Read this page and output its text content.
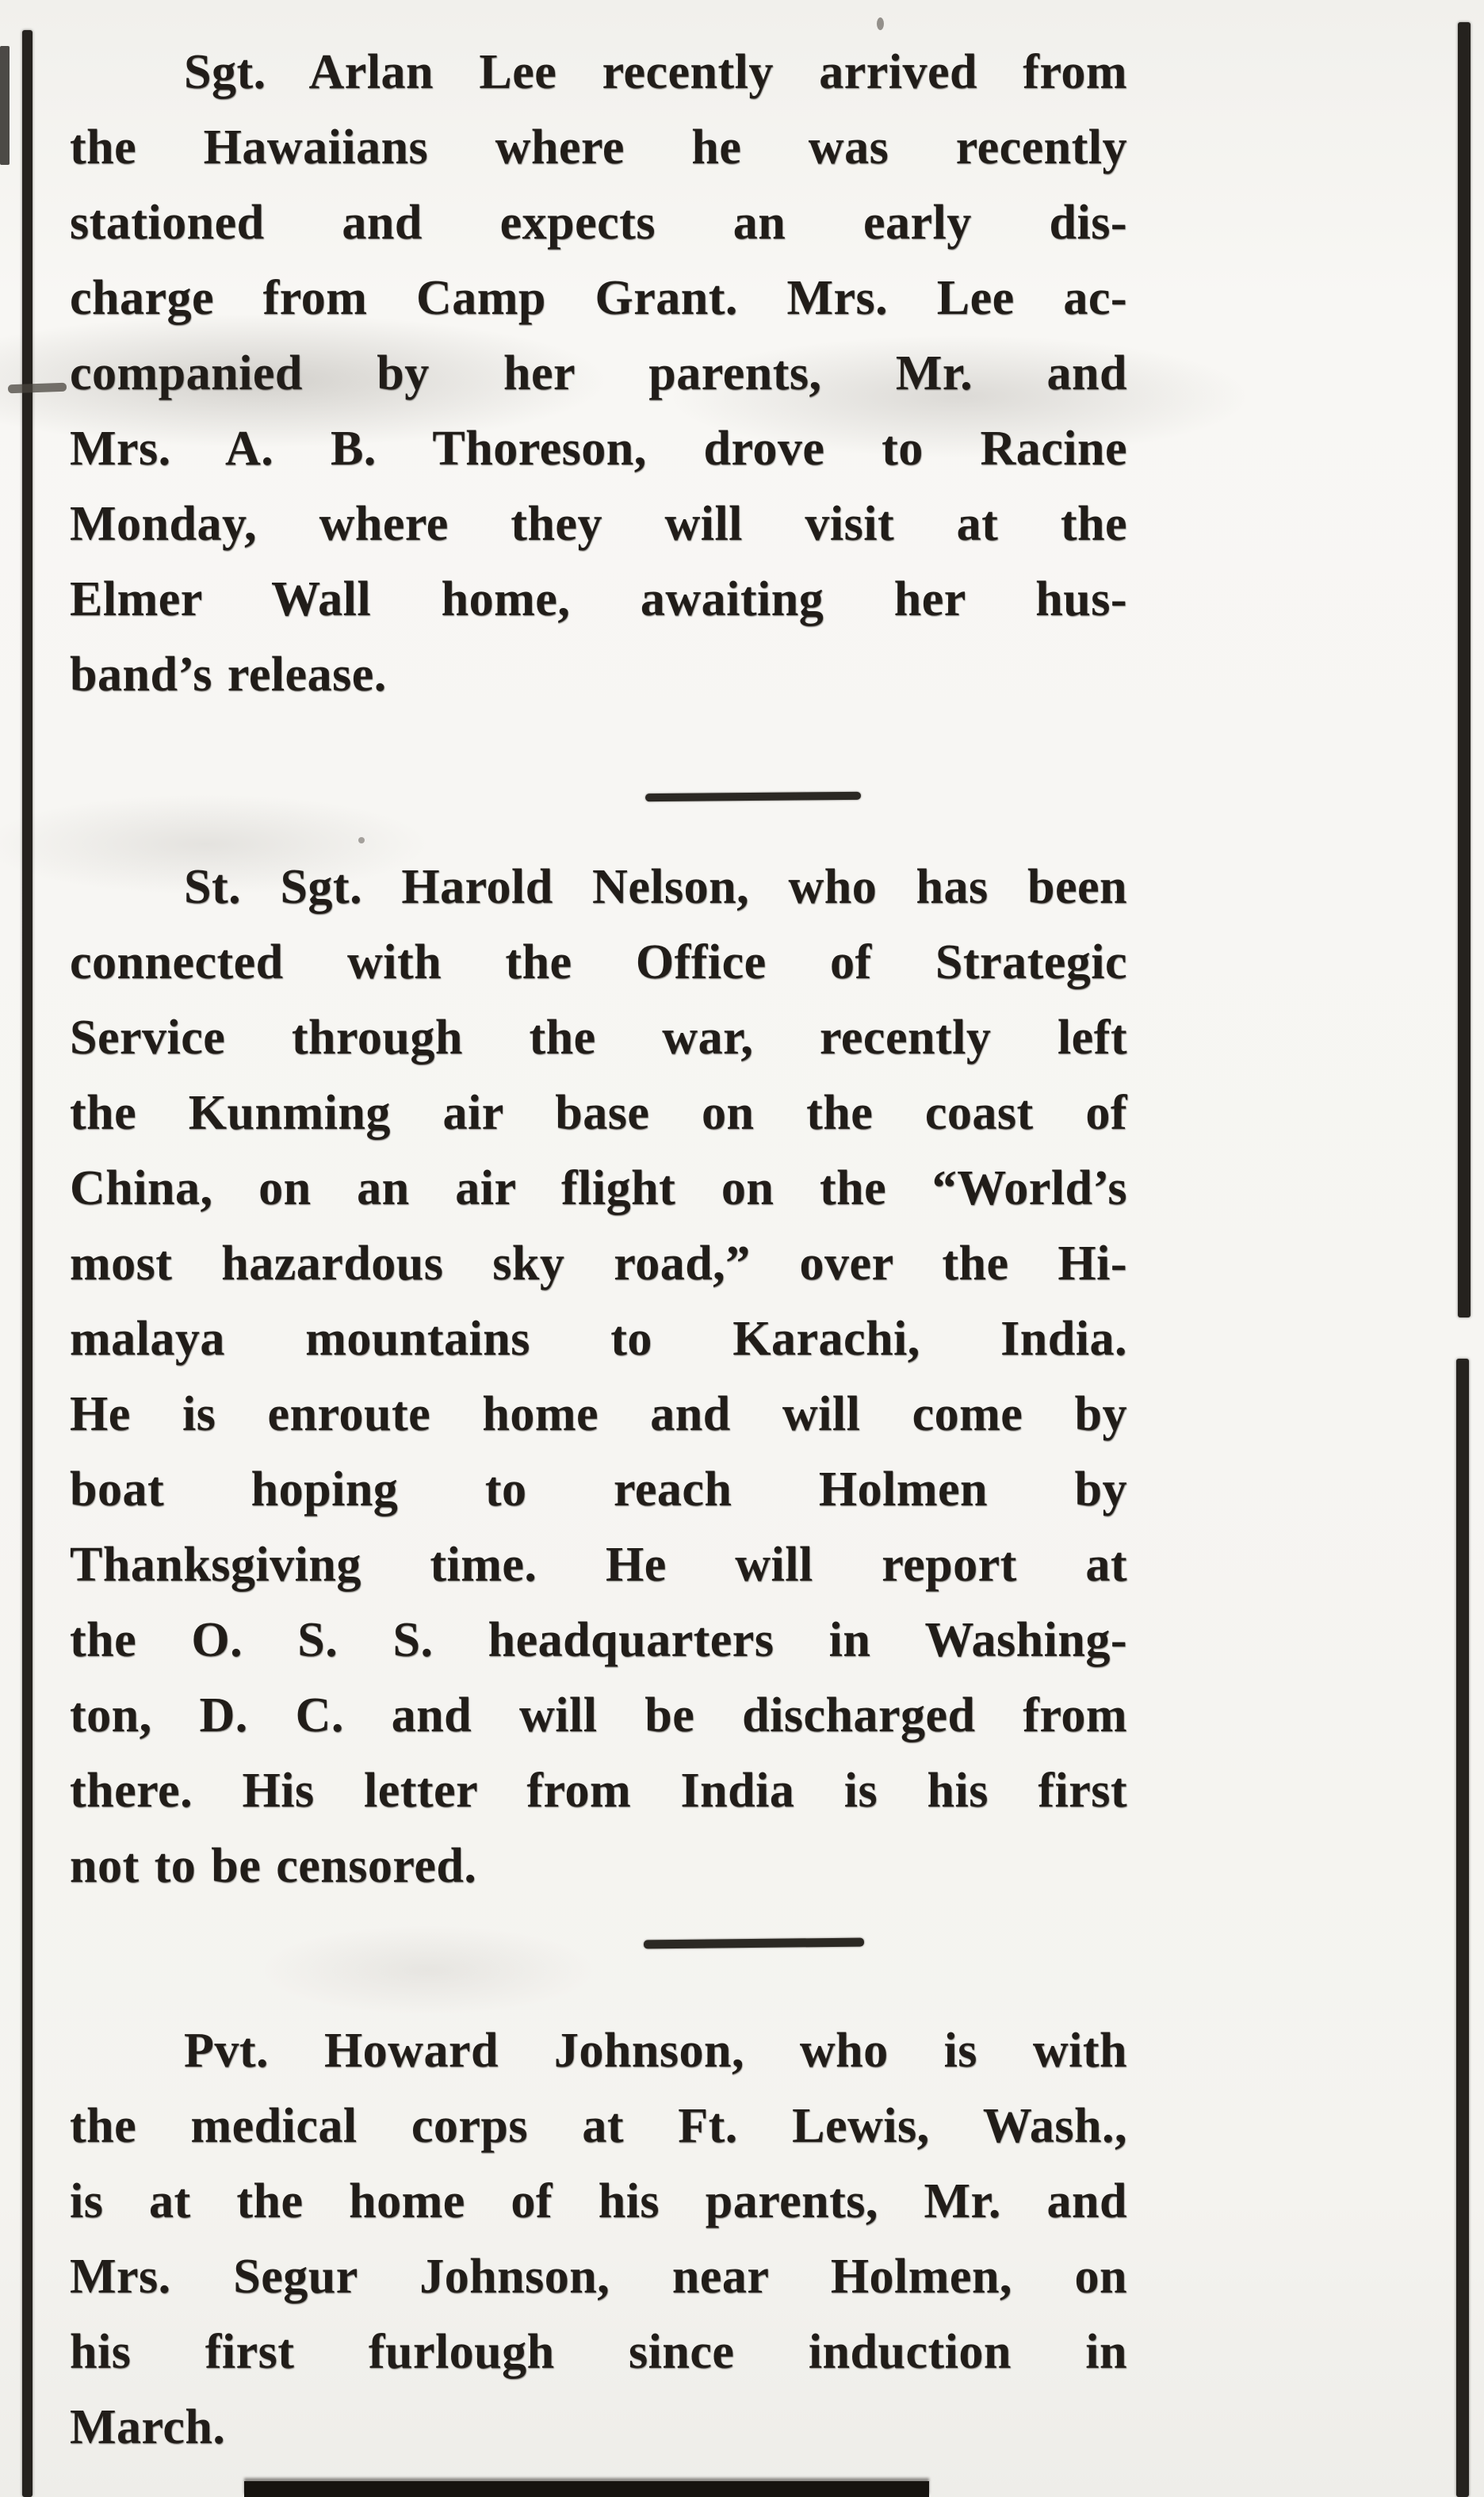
Sgt. Arlan Lee recently arrived from
the Hawaiians where he was recently
stationed and expects an early dis-
charge from Camp Grant. Mrs. Lee ac-
companied by her parents, Mr. and
Mrs. A. B. Thoreson, drove to Racine
Monday, where they will visit at the
Elmer Wall home, awaiting her hus-
band’s release.
St. Sgt. Harold Nelson, who has been
connected with the Office of Strategic
Service through the war, recently left
the Kunming air base on the coast of
China, on an air flight on the “World’s
most hazardous sky road,” over the Hi-
malaya mountains to Karachi, India.
He is enroute home and will come by
boat hoping to reach Holmen by
Thanksgiving time. He will report at
the O. S. S. headquarters in Washing-
ton, D. C. and will be discharged from
there. His letter from India is his first
not to be censored.
Pvt. Howard Johnson, who is with
the medical corps at Ft. Lewis, Wash.,
is at the home of his parents, Mr. and
Mrs. Segur Johnson, near Holmen, on
his first furlough since induction in
March.
